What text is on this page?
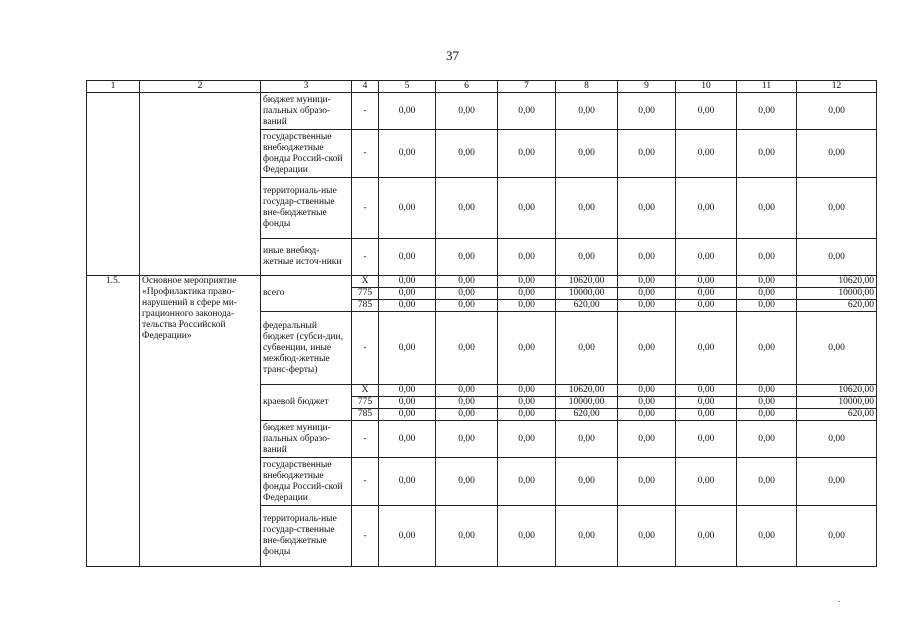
37
1	2	3	4	5	6	7	8	9	10	11	12
		бюджет муници-пальных образо-ваний	-	0,00	0,00	0,00	0,00	0,00	0,00	0,00	0,00
		государственные внебюджетные фонды Россий-ской Федерации	-	0,00	0,00	0,00	0,00	0,00	0,00	0,00	0,00
		территориаль-ные государ-ственные вне-бюджетные фонды	-	0,00	0,00	0,00	0,00	0,00	0,00	0,00	0,00
		иные внебюд-жетные источ-ники	-	0,00	0,00	0,00	0,00	0,00	0,00	0,00	0,00
1.5.	Основное мероприятие «Профилактика право-нарушений в сфере ми-грационного законода-тельства Российской Федерации»	всего	Х	0,00	0,00	0,00	10620,00	0,00	0,00	0,00	10620,00
			775	0,00	0,00	0,00	10000,00	0,00	0,00	0,00	10000,00
			785	0,00	0,00	0,00	620,00	0,00	0,00	0,00	620,00
		федеральный бюджет (субси-дии, субвенции, иные межбюд-жетные транс-ферты)	-	0,00	0,00	0,00	0,00	0,00	0,00	0,00	0,00
		краевой бюджет	Х	0,00	0,00	0,00	10620,00	0,00	0,00	0,00	10620,00
			775	0,00	0,00	0,00	10000,00	0,00	0,00	0,00	10000,00
			785	0,00	0,00	0,00	620,00	0,00	0,00	0,00	620,00
		бюджет муници-пальных образо-ваний	-	0,00	0,00	0,00	0,00	0,00	0,00	0,00	0,00
		государственные внебюджетные фонды Россий-ской Федерации	-	0,00	0,00	0,00	0,00	0,00	0,00	0,00	0,00
		территориаль-ные государ-ственные вне-бюджетные фонды	-	0,00	0,00	0,00	0,00	0,00	0,00	0,00	0,00
.
